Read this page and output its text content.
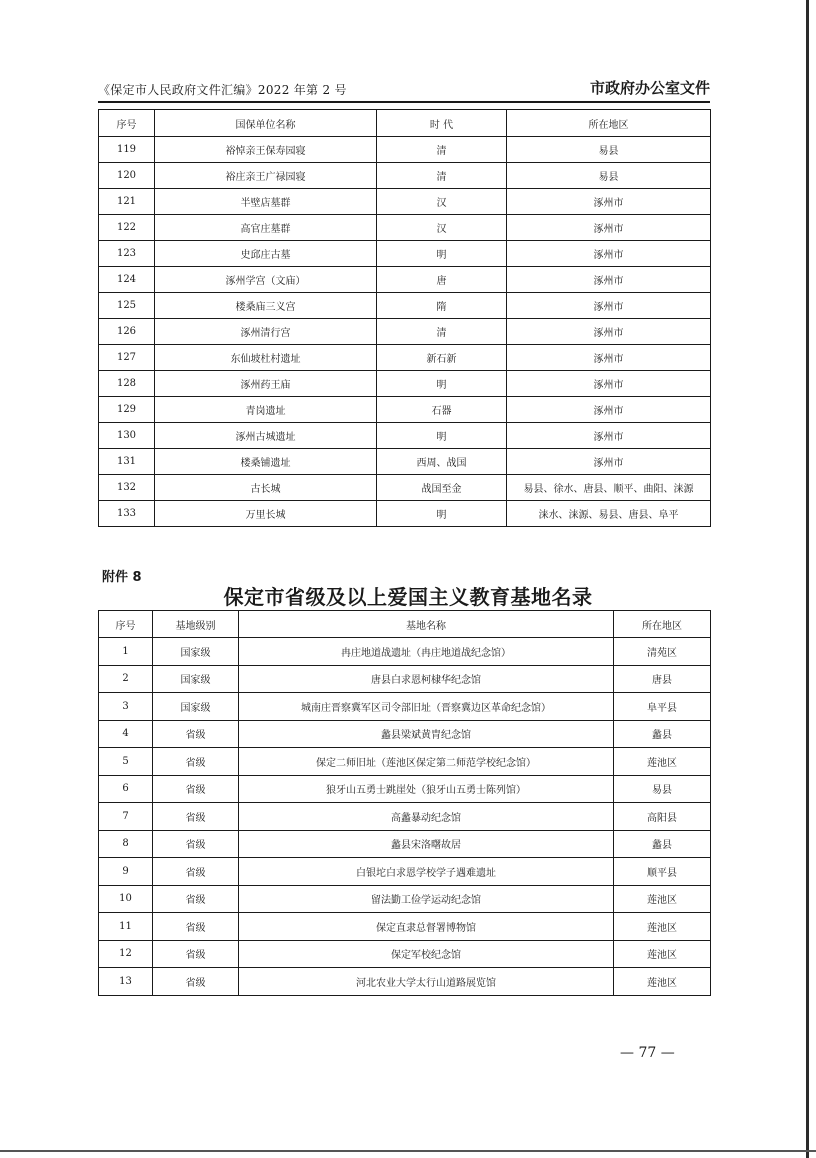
《保定市人民政府文件汇编》2022 年第 2 号	市政府办公室文件
序号	国保单位名称	时 代	所在地区
119	裕悼亲王保寿园寝	清	易县
120	裕庄亲王广禄园寝	清	易县
121	半壁店墓群	汉	涿州市
122	高官庄墓群	汉	涿州市
123	史邱庄古墓	明	涿州市
124	涿州学宫（文庙）	唐	涿州市
125	楼桑庙三义宫	隋	涿州市
126	涿州清行宫	清	涿州市
127	东仙坡杜村遗址	新石新	涿州市
128	涿州药王庙	明	涿州市
129	青岗遗址	石器	涿州市
130	涿州古城遗址	明	涿州市
131	楼桑铺遗址	西周、战国	涿州市
132	古长城	战国至金	易县、徐水、唐县、顺平、曲阳、涞源
133	万里长城	明	涞水、涞源、易县、唐县、阜平
附件 8
保定市省级及以上爱国主义教育基地名录
序号	基地级别	基地名称	所在地区
1	国家级	冉庄地道战遗址（冉庄地道战纪念馆）	清苑区
2	国家级	唐县白求恩柯棣华纪念馆	唐县
3	国家级	城南庄晋察冀军区司令部旧址（晋察冀边区革命纪念馆）	阜平县
4	省级	蠡县梁斌黄胄纪念馆	蠡县
5	省级	保定二师旧址（莲池区保定第二师范学校纪念馆）	莲池区
6	省级	狼牙山五勇士跳崖处（狼牙山五勇士陈列馆）	易县
7	省级	高蠡暴动纪念馆	高阳县
8	省级	蠡县宋洛曙故居	蠡县
9	省级	白银坨白求恩学校学子遇难遗址	顺平县
10	省级	留法勤工俭学运动纪念馆	莲池区
11	省级	保定直隶总督署博物馆	莲池区
12	省级	保定军校纪念馆	莲池区
13	省级	河北农业大学太行山道路展览馆	莲池区
— 77 —
